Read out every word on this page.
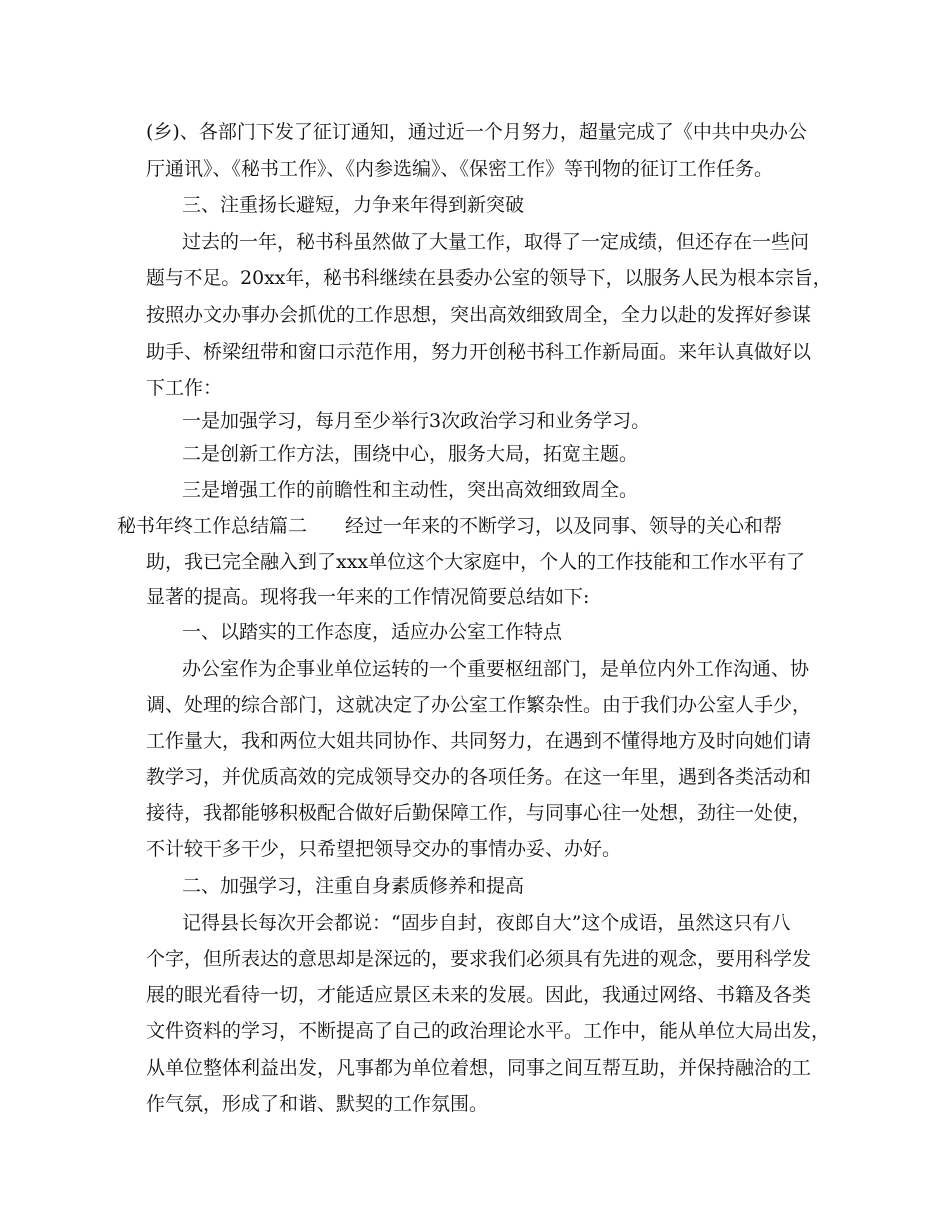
(乡)、各部门下发了征订通知，通过近一个月努力，超量完成了《中共中央办公
厅通讯》、《秘书工作》、《内参选编》、《保密工作》等刊物的征订工作任务。
三、注重扬长避短，力争来年得到新突破
过去的一年，秘书科虽然做了大量工作，取得了一定成绩，但还存在一些问
题与不足。20xx年，秘书科继续在县委办公室的领导下，以服务人民为根本宗旨，
按照办文办事办会抓优的工作思想，突出高效细致周全，全力以赴的发挥好参谋
助手、桥梁纽带和窗口示范作用，努力开创秘书科工作新局面。来年认真做好以
下工作：
一是加强学习，每月至少举行3次政治学习和业务学习。
二是创新工作方法，围绕中心，服务大局，拓宽主题。
三是增强工作的前瞻性和主动性，突出高效细致周全。
秘书年终工作总结篇二　　经过一年来的不断学习，以及同事、领导的关心和帮
助，我已完全融入到了xxx单位这个大家庭中，个人的工作技能和工作水平有了
显著的提高。现将我一年来的工作情况简要总结如下:
一、以踏实的工作态度，适应办公室工作特点
办公室作为企事业单位运转的一个重要枢纽部门，是单位内外工作沟通、协
调、处理的综合部门，这就决定了办公室工作繁杂性。由于我们办公室人手少，
工作量大，我和两位大姐共同协作、共同努力，在遇到不懂得地方及时向她们请
教学习，并优质高效的完成领导交办的各项任务。在这一年里，遇到各类活动和
接待，我都能够积极配合做好后勤保障工作，与同事心往一处想，劲往一处使，
不计较干多干少，只希望把领导交办的事情办妥、办好。
二、加强学习，注重自身素质修养和提高
记得县长每次开会都说：“固步自封，夜郎自大”这个成语，虽然这只有八
个字，但所表达的意思却是深远的，要求我们必须具有先进的观念，要用科学发
展的眼光看待一切，才能适应景区未来的发展。因此，我通过网络、书籍及各类
文件资料的学习，不断提高了自己的政治理论水平。工作中，能从单位大局出发，
从单位整体利益出发，凡事都为单位着想，同事之间互帮互助，并保持融洽的工
作气氛，形成了和谐、默契的工作氛围。
